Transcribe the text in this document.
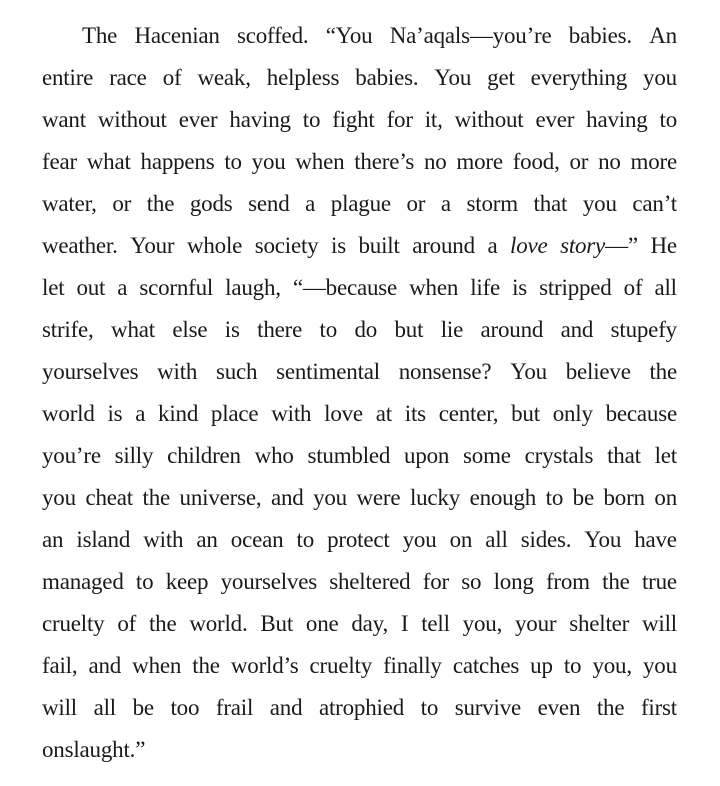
The Hacenian scoffed. “You Na’aqals—you’re babies. An
entire race of weak, helpless babies. You get everything you
want without ever having to fight for it, without ever having to
fear what happens to you when there’s no more food, or no more
water, or the gods send a plague or a storm that you can’t
weather. Your whole society is built around a love story—” He
let out a scornful laugh, “—because when life is stripped of all
strife, what else is there to do but lie around and stupefy
yourselves with such sentimental nonsense? You believe the
world is a kind place with love at its center, but only because
you’re silly children who stumbled upon some crystals that let
you cheat the universe, and you were lucky enough to be born on
an island with an ocean to protect you on all sides. You have
managed to keep yourselves sheltered for so long from the true
cruelty of the world. But one day, I tell you, your shelter will
fail, and when the world’s cruelty finally catches up to you, you
will all be too frail and atrophied to survive even the first
onslaught.”
